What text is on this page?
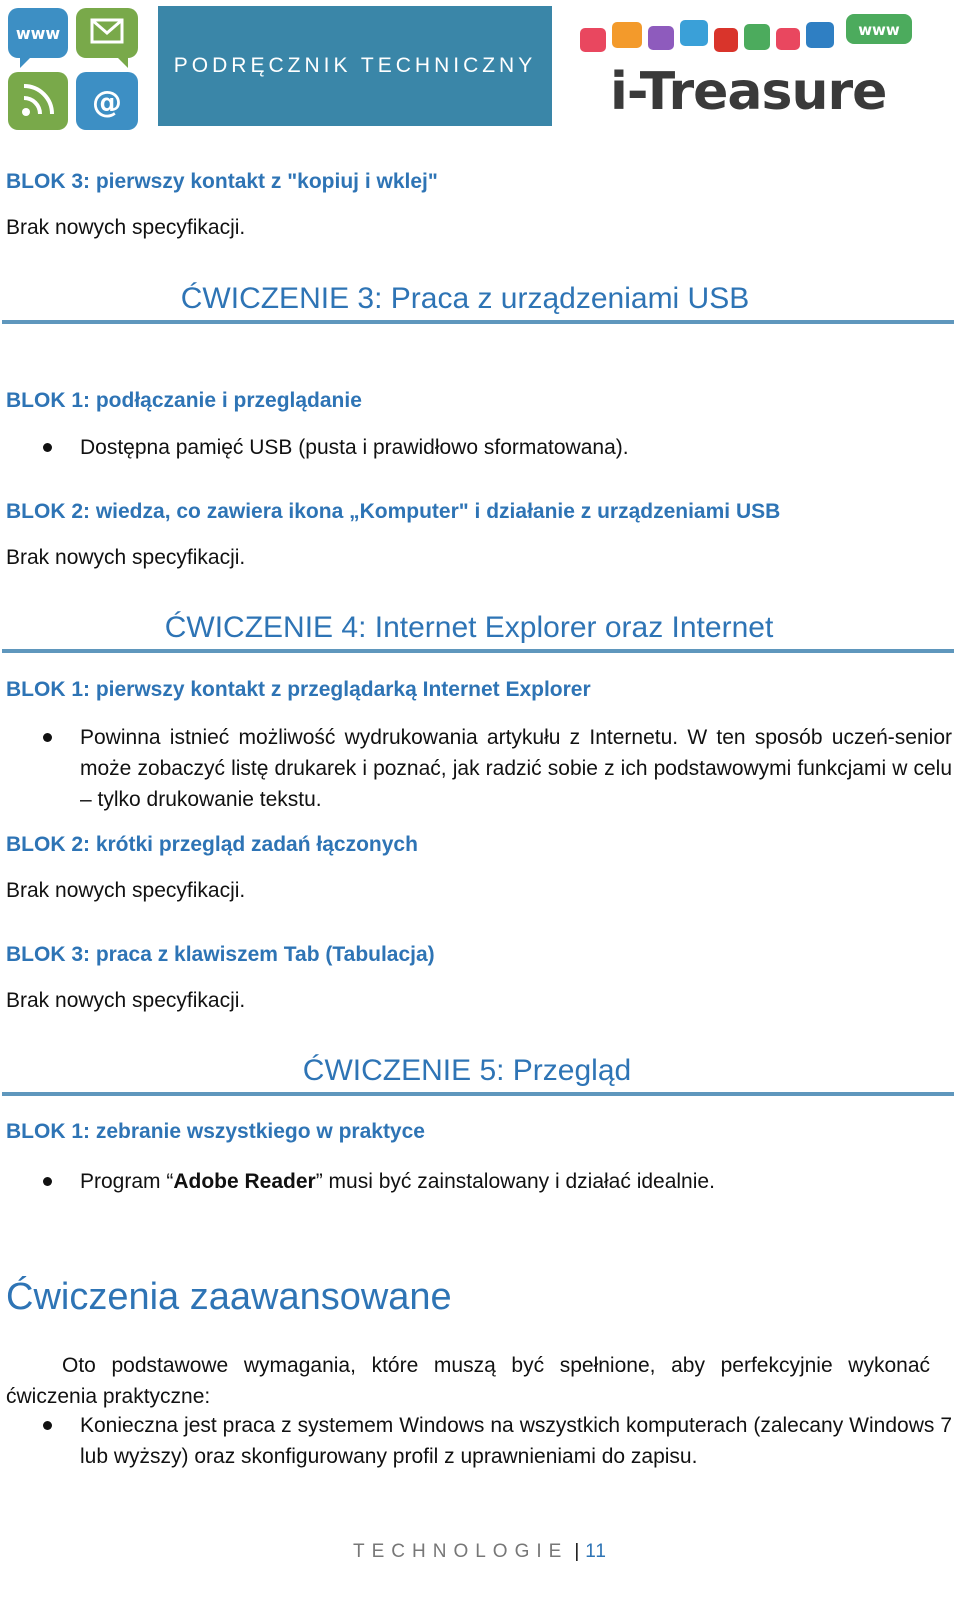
www
@
PODRĘCZNIK TECHNICZNY
www
i-Treasure
BLOK 3: pierwszy kontakt z "kopiuj i wklej"
Brak nowych specyfikacji.
ĆWICZENIE 3: Praca z urządzeniami USB
BLOK 1: podłączanie i przeglądanie
Dostępna pamięć USB (pusta i prawidłowo sformatowana).
BLOK 2: wiedza, co zawiera ikona „Komputer" i działanie z urządzeniami USB
Brak nowych specyfikacji.
ĆWICZENIE 4: Internet Explorer oraz Internet
BLOK 1: pierwszy kontakt z przeglądarką Internet Explorer
Powinna istnieć możliwość wydrukowania artykułu z Internetu. W ten sposób uczeń-senior może zobaczyć listę drukarek i poznać, jak radzić sobie z ich podstawowymi funkcjami w celu – tylko drukowanie tekstu.
BLOK 2: krótki przegląd zadań łączonych
Brak nowych specyfikacji.
BLOK 3: praca z klawiszem Tab (Tabulacja)
Brak nowych specyfikacji.
ĆWICZENIE 5: Przegląd
BLOK 1: zebranie wszystkiego w praktyce
Program “Adobe Reader” musi być zainstalowany i działać idealnie.
Ćwiczenia zaawansowane
Oto podstawowe wymagania, które muszą być spełnione, aby perfekcyjnie wykonać ćwiczenia praktyczne:
Konieczna jest praca z systemem Windows na wszystkich komputerach (zalecany Windows 7 lub wyższy) oraz skonfigurowany profil z uprawnieniami do zapisu.
TECHNOLOGIE | 11
